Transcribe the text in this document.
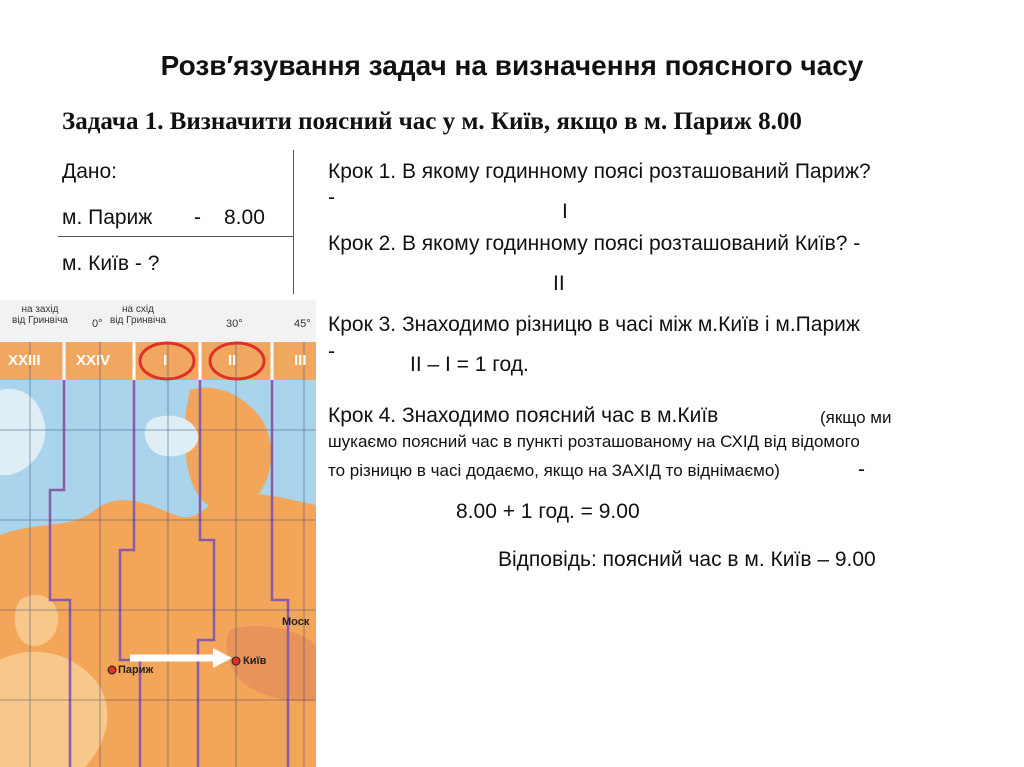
Розв′язування задач на визначення поясного часу
Задача 1. Визначити поясний час у м. Київ, якщо в м. Париж 8.00
Дано:
м. Париж - 8.00
м. Київ - ?
Крок 1. В якому годинному поясі розташований Париж?
-
I
Крок 2. В якому годинному поясі розташований Київ? -
II
Крок 3. Знаходимо різницю в часі між м.Київ і м.Париж
-
II – I = 1 год.
Крок 4. Знаходимо поясний час в м.Київ	(якщо ми
шукаємо поясний час в пункті розташованому на СХІД від відомого
то різницю в часі додаємо, якщо на ЗАХІД то віднімаємо)	-
8.00 + 1 год. = 9.00
Відповідь: поясний час в м. Київ – 9.00
на захід
від Гринвіча 0°
на схід
від Гринвіча	30°	45°
XXIII XXIV	I	II	III
Париж
Київ
Моск
